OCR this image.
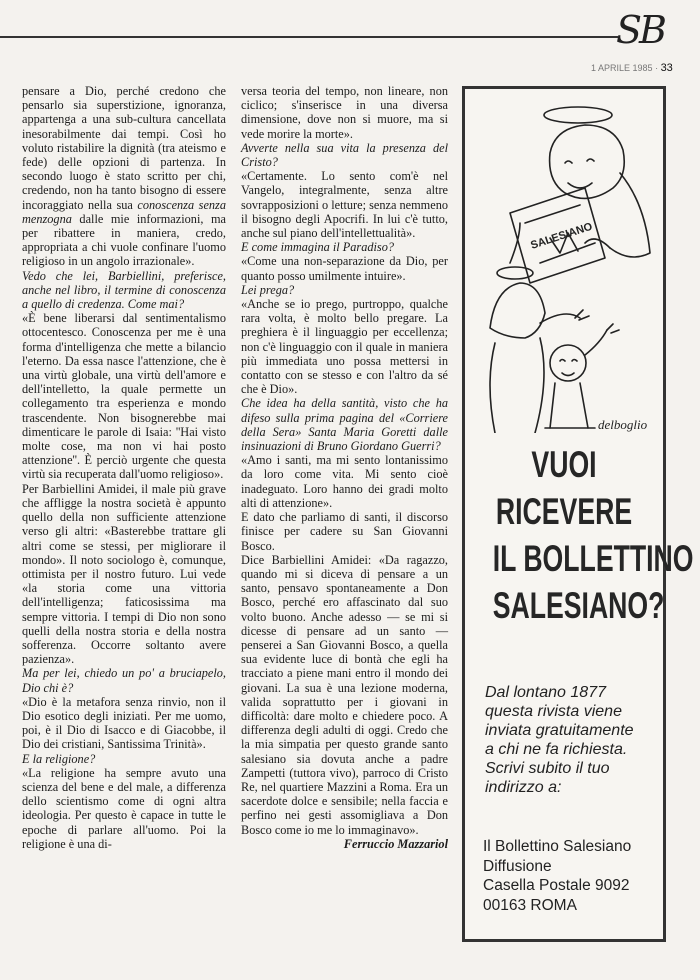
SB
1 APRILE 1985 · 33

pensare a Dio, perché credono che pensarlo sia superstizione, ignoranza, appartenga a una sub-cultura cancellata inesorabilmente dai tempi. Così ho voluto ristabilire la dignità (tra ateismo e fede) delle opzioni di partenza. In secondo luogo è stato scritto per chi, credendo, non ha tanto bisogno di essere incoraggiato nella sua conoscenza senza menzogna dalle mie informazioni, ma per ribattere in maniera, credo, appropriata a chi vuole confinare l'uomo religioso in un angolo irrazionale».

Vedo che lei, Barbiellini, preferisce, anche nel libro, il termine di conoscenza a quello di credenza. Come mai?

«È bene liberarsi dal sentimentalismo ottocentesco. Conoscenza per me è una forma d'intelligenza che mette a bilancio l'eterno. Da essa nasce l'attenzione, che è una virtù globale, una virtù dell'amore e dell'intelletto, la quale permette un collegamento tra esperienza e mondo trascendente. Non bisognerebbe mai dimenticare le parole di Isaia: ''Hai visto molte cose, ma non vi hai posto attenzione''. È perciò urgente che questa virtù sia recuperata dall'uomo religioso».

Per Barbiellini Amidei, il male più grave che affligge la nostra società è appunto quello della non sufficiente attenzione verso gli altri: «Basterebbe trattare gli altri come se stessi, per migliorare il mondo». Il noto sociologo è, comunque, ottimista per il nostro futuro. Lui vede «la storia come una vittoria dell'intelligenza; faticosissima ma sempre vittoria. I tempi di Dio non sono quelli della nostra storia e della nostra sofferenza. Occorre soltanto avere pazienza».

Ma per lei, chiedo un po' a bruciapelo, Dio chi è?

«Dio è la metafora senza rinvio, non il Dio esotico degli iniziati. Per me uomo, poi, è il Dio di Isacco e di Giacobbe, il Dio dei cristiani, Santissima Trinità».

E la religione?

«La religione ha sempre avuto una scienza del bene e del male, a differenza dello scientismo come di ogni altra ideologia. Per questo è capace in tutte le epoche di parlare all'uomo. Poi la religione è una di-

versa teoria del tempo, non lineare, non ciclico; s'inserisce in una diversa dimensione, dove non si muore, ma si vede morire la morte».

Avverte nella sua vita la presenza del Cristo?

«Certamente. Lo sento com'è nel Vangelo, integralmente, senza altre sovrapposizioni o letture; senza nemmeno il bisogno degli Apocrifi. In lui c'è tutto, anche sul piano dell'intellettualità».

E come immagina il Paradiso?

«Come una non-separazione da Dio, per quanto posso umilmente intuire».

Lei prega?

«Anche se io prego, purtroppo, qualche rara volta, è molto bello pregare. La preghiera è il linguaggio per eccellenza; non c'è linguaggio con il quale in maniera più immediata uno possa mettersi in contatto con se stesso e con l'altro da sé che è Dio».

Che idea ha della santità, visto che ha difeso sulla prima pagina del «Corriere della Sera» Santa Maria Goretti dalle insinuazioni di Bruno Giordano Guerri?

«Amo i santi, ma mi sento lontanissimo da loro come vita. Mi sento cioè inadeguato. Loro hanno dei gradi molto alti di attenzione».

E dato che parliamo di santi, il discorso finisce per cadere su San Giovanni Bosco.

Dice Barbiellini Amidei: «Da ragazzo, quando mi si diceva di pensare a un santo, pensavo spontaneamente a Don Bosco, perché ero affascinato dal suo volto buono. Anche adesso — se mi si dicesse di pensare ad un santo — penserei a San Giovanni Bosco, a quella sua evidente luce di bontà che egli ha tracciato a piene mani entro il mondo dei giovani. La sua è una lezione moderna, valida soprattutto per i giovani in difficoltà: dare molto e chiedere poco. A differenza degli adulti di oggi. Credo che la mia simpatia per questo grande santo salesiano sia dovuta anche a padre Zampetti (tuttora vivo), parroco di Cristo Re, nel quartiere Mazzini a Roma. Era un sacerdote dolce e sensibile; nella faccia e perfino nei gesti assomigliava a Don Bosco come io me lo immaginavo».

Ferruccio Mazzariol

SALESIANO
delboglio
VUOI
RICEVERE
IL BOLLETTINO
SALESIANO?
Dal lontano 1877
questa rivista viene
inviata gratuitamente
a chi ne fa richiesta.
Scrivi subito il tuo
indirizzo a:
Il Bollettino Salesiano
Diffusione
Casella Postale 9092
00163 ROMA
